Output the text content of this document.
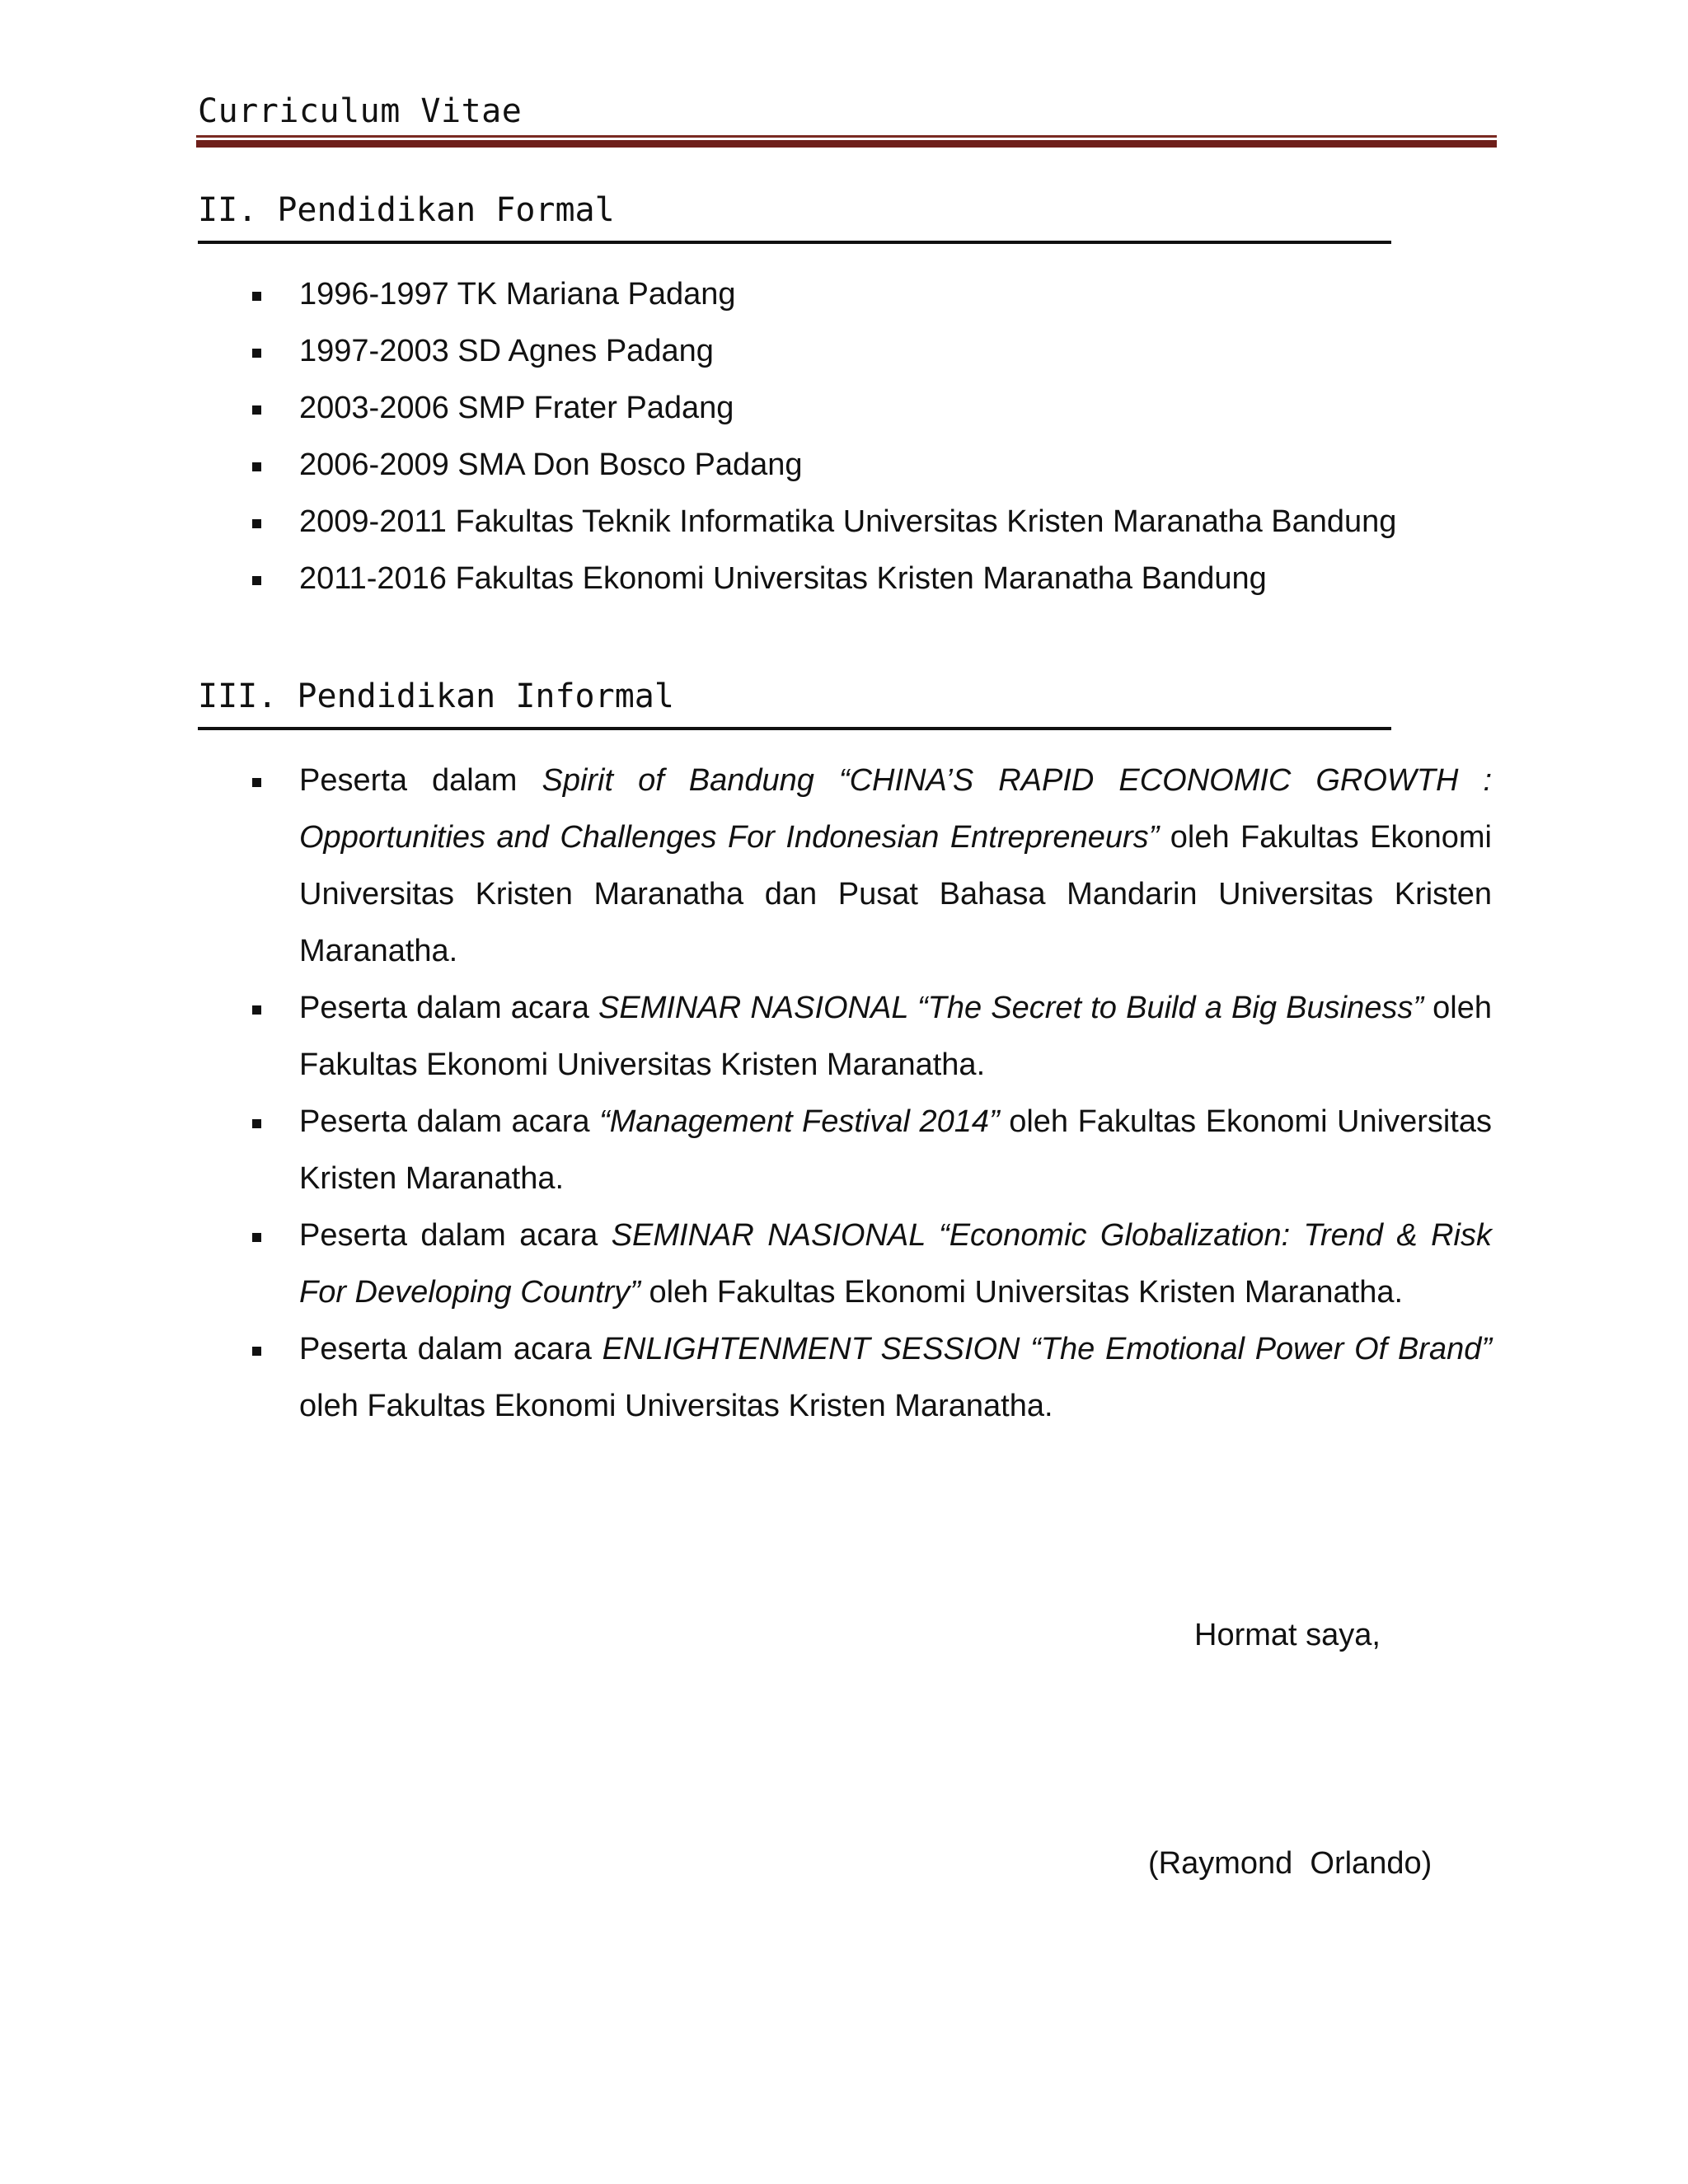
Curriculum Vitae
II. Pendidikan Formal
1996-1997 TK Mariana Padang
1997-2003 SD Agnes Padang
2003-2006 SMP Frater Padang
2006-2009 SMA Don Bosco Padang
2009-2011 Fakultas Teknik Informatika Universitas Kristen Maranatha Bandung
2011-2016 Fakultas Ekonomi Universitas Kristen Maranatha Bandung
III. Pendidikan Informal
Peserta dalam Spirit of Bandung “CHINA’S RAPID ECONOMIC GROWTH : Opportunities and Challenges For Indonesian Entrepreneurs” oleh Fakultas Ekonomi Universitas Kristen Maranatha dan Pusat Bahasa Mandarin Universitas Kristen Maranatha.
Peserta dalam acara SEMINAR NASIONAL “The Secret to Build a Big Business” oleh Fakultas Ekonomi Universitas Kristen Maranatha.
Peserta dalam acara “Management Festival 2014” oleh Fakultas Ekonomi Universitas Kristen Maranatha.
Peserta dalam acara SEMINAR NASIONAL “Economic Globalization: Trend & Risk For Developing Country” oleh Fakultas Ekonomi Universitas Kristen Maranatha.
Peserta dalam acara ENLIGHTENMENT SESSION “The Emotional Power Of Brand” oleh Fakultas Ekonomi Universitas Kristen Maranatha.
Hormat saya,
(Raymond  Orlando)
